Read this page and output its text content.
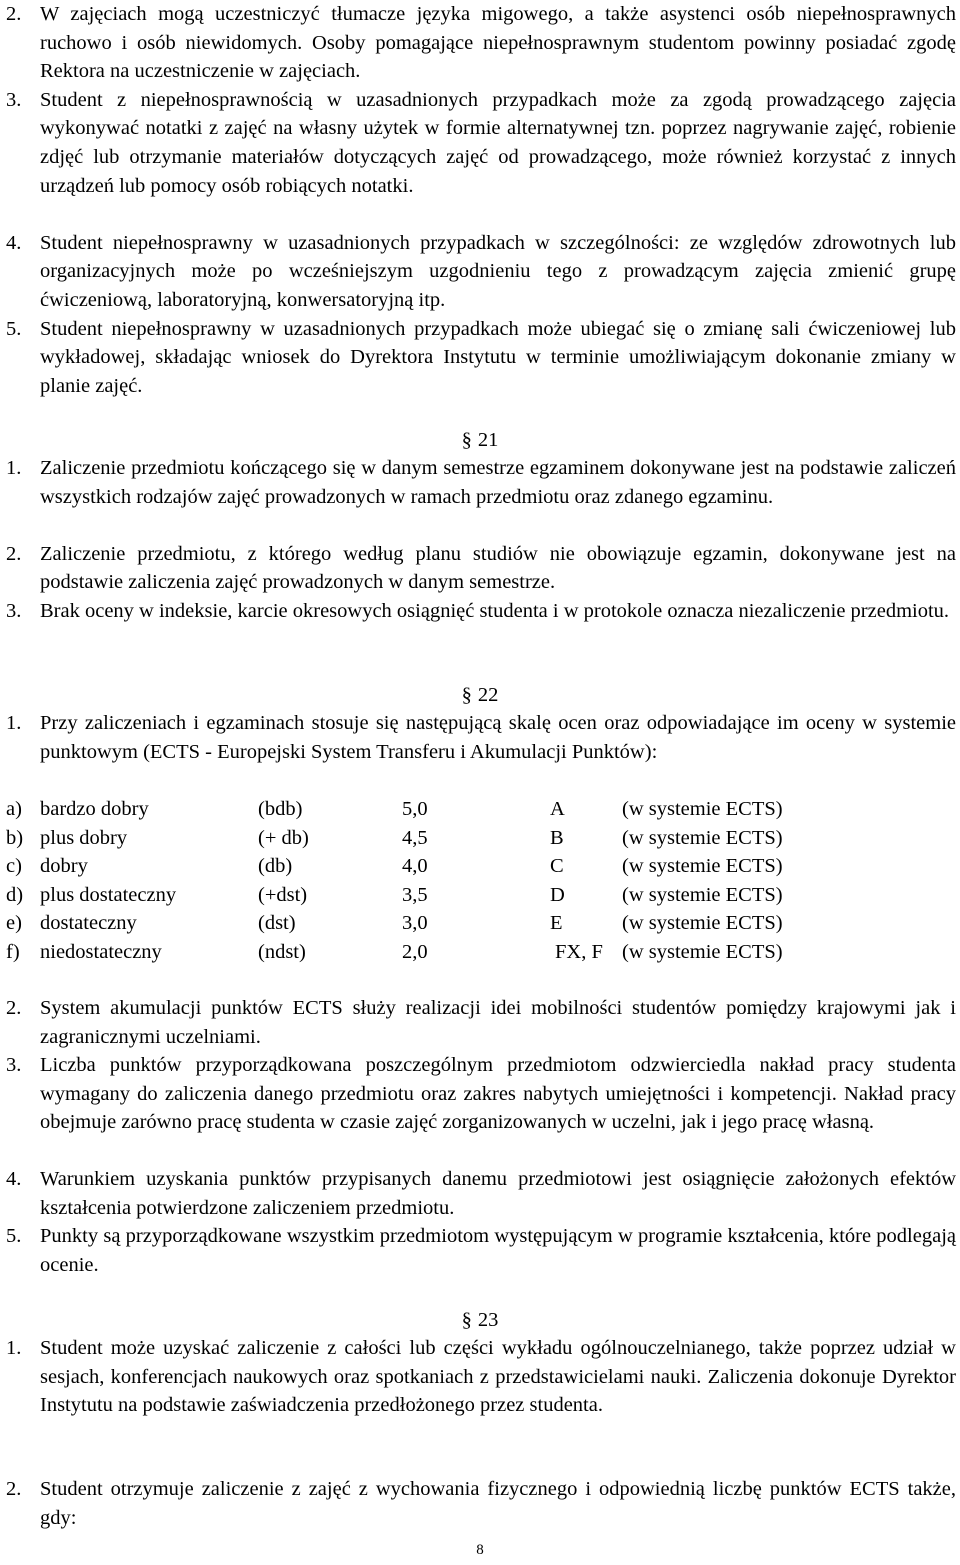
2. W zajęciach mogą uczestniczyć tłumacze języka migowego, a także asystenci osób niepełnosprawnych ruchowo i osób niewidomych. Osoby pomagające niepełnosprawnym studentom powinny posiadać zgodę Rektora na uczestniczenie w zajęciach.
3. Student z niepełnosprawnością w uzasadnionych przypadkach może za zgodą prowadzącego zajęcia wykonywać notatki z zajęć na własny użytek w formie alternatywnej tzn. poprzez nagrywanie zajęć, robienie zdjęć lub otrzymanie materiałów dotyczących zajęć od prowadzącego, może również korzystać z innych urządzeń lub pomocy osób robiących notatki.
4. Student niepełnosprawny w uzasadnionych przypadkach w szczególności: ze względów zdrowotnych lub organizacyjnych może po wcześniejszym uzgodnieniu tego z prowadzącym zajęcia zmienić grupę ćwiczeniową, laboratoryjną, konwersatoryjną itp.
5. Student niepełnosprawny w uzasadnionych przypadkach może ubiegać się o zmianę sali ćwiczeniowej lub wykładowej, składając wniosek do Dyrektora Instytutu w terminie umożliwiającym dokonanie zmiany w planie zajęć.
§ 21
1. Zaliczenie przedmiotu kończącego się w danym semestrze egzaminem dokonywane jest na podstawie zaliczeń wszystkich rodzajów zajęć prowadzonych w ramach przedmiotu oraz zdanego egzaminu.
2. Zaliczenie przedmiotu, z którego według planu studiów nie obowiązuje egzamin, dokonywane jest na podstawie zaliczenia zajęć prowadzonych w danym semestrze.
3. Brak oceny w indeksie, karcie okresowych osiągnięć studenta i w protokole oznacza niezaliczenie przedmiotu.
§ 22
1. Przy zaliczeniach i egzaminach stosuje się następującą skalę ocen oraz odpowiadające im oceny w systemie punktowym (ECTS - Europejski System Transferu i Akumulacji Punktów):
a) bardzo dobry	(bdb)	5,0	A	(w systemie ECTS)
b) plus dobry	(+ db)	4,5	B	(w systemie ECTS)
c) dobry	(db)	4,0	C	(w systemie ECTS)
d) plus dostateczny	(+dst)	3,5	D	(w systemie ECTS)
e) dostateczny	(dst)	3,0	E	(w systemie ECTS)
f) niedostateczny	(ndst)	2,0	FX, F (w systemie ECTS)
2. System akumulacji punktów ECTS służy realizacji idei mobilności studentów pomiędzy krajowymi jak i zagranicznymi uczelniami.
3. Liczba punktów przyporządkowana poszczególnym przedmiotom odzwierciedla nakład pracy studenta wymagany do zaliczenia danego przedmiotu oraz zakres nabytych umiejętności i kompetencji. Nakład pracy obejmuje zarówno pracę studenta w czasie zajęć zorganizowanych w uczelni, jak i jego pracę własną.
4. Warunkiem uzyskania punktów przypisanych danemu przedmiotowi jest osiągnięcie założonych efektów kształcenia potwierdzone zaliczeniem przedmiotu.
5. Punkty są przyporządkowane wszystkim przedmiotom występującym w programie kształcenia, które podlegają ocenie.
§ 23
1. Student może uzyskać zaliczenie z całości lub części wykładu ogólnouczelnianego, także poprzez udział w sesjach, konferencjach naukowych oraz spotkaniach z przedstawicielami nauki. Zaliczenia dokonuje Dyrektor Instytutu na podstawie zaświadczenia przedłożonego przez studenta.
2. Student otrzymuje zaliczenie z zajęć z wychowania fizycznego i odpowiednią liczbę punktów ECTS także, gdy:
8
